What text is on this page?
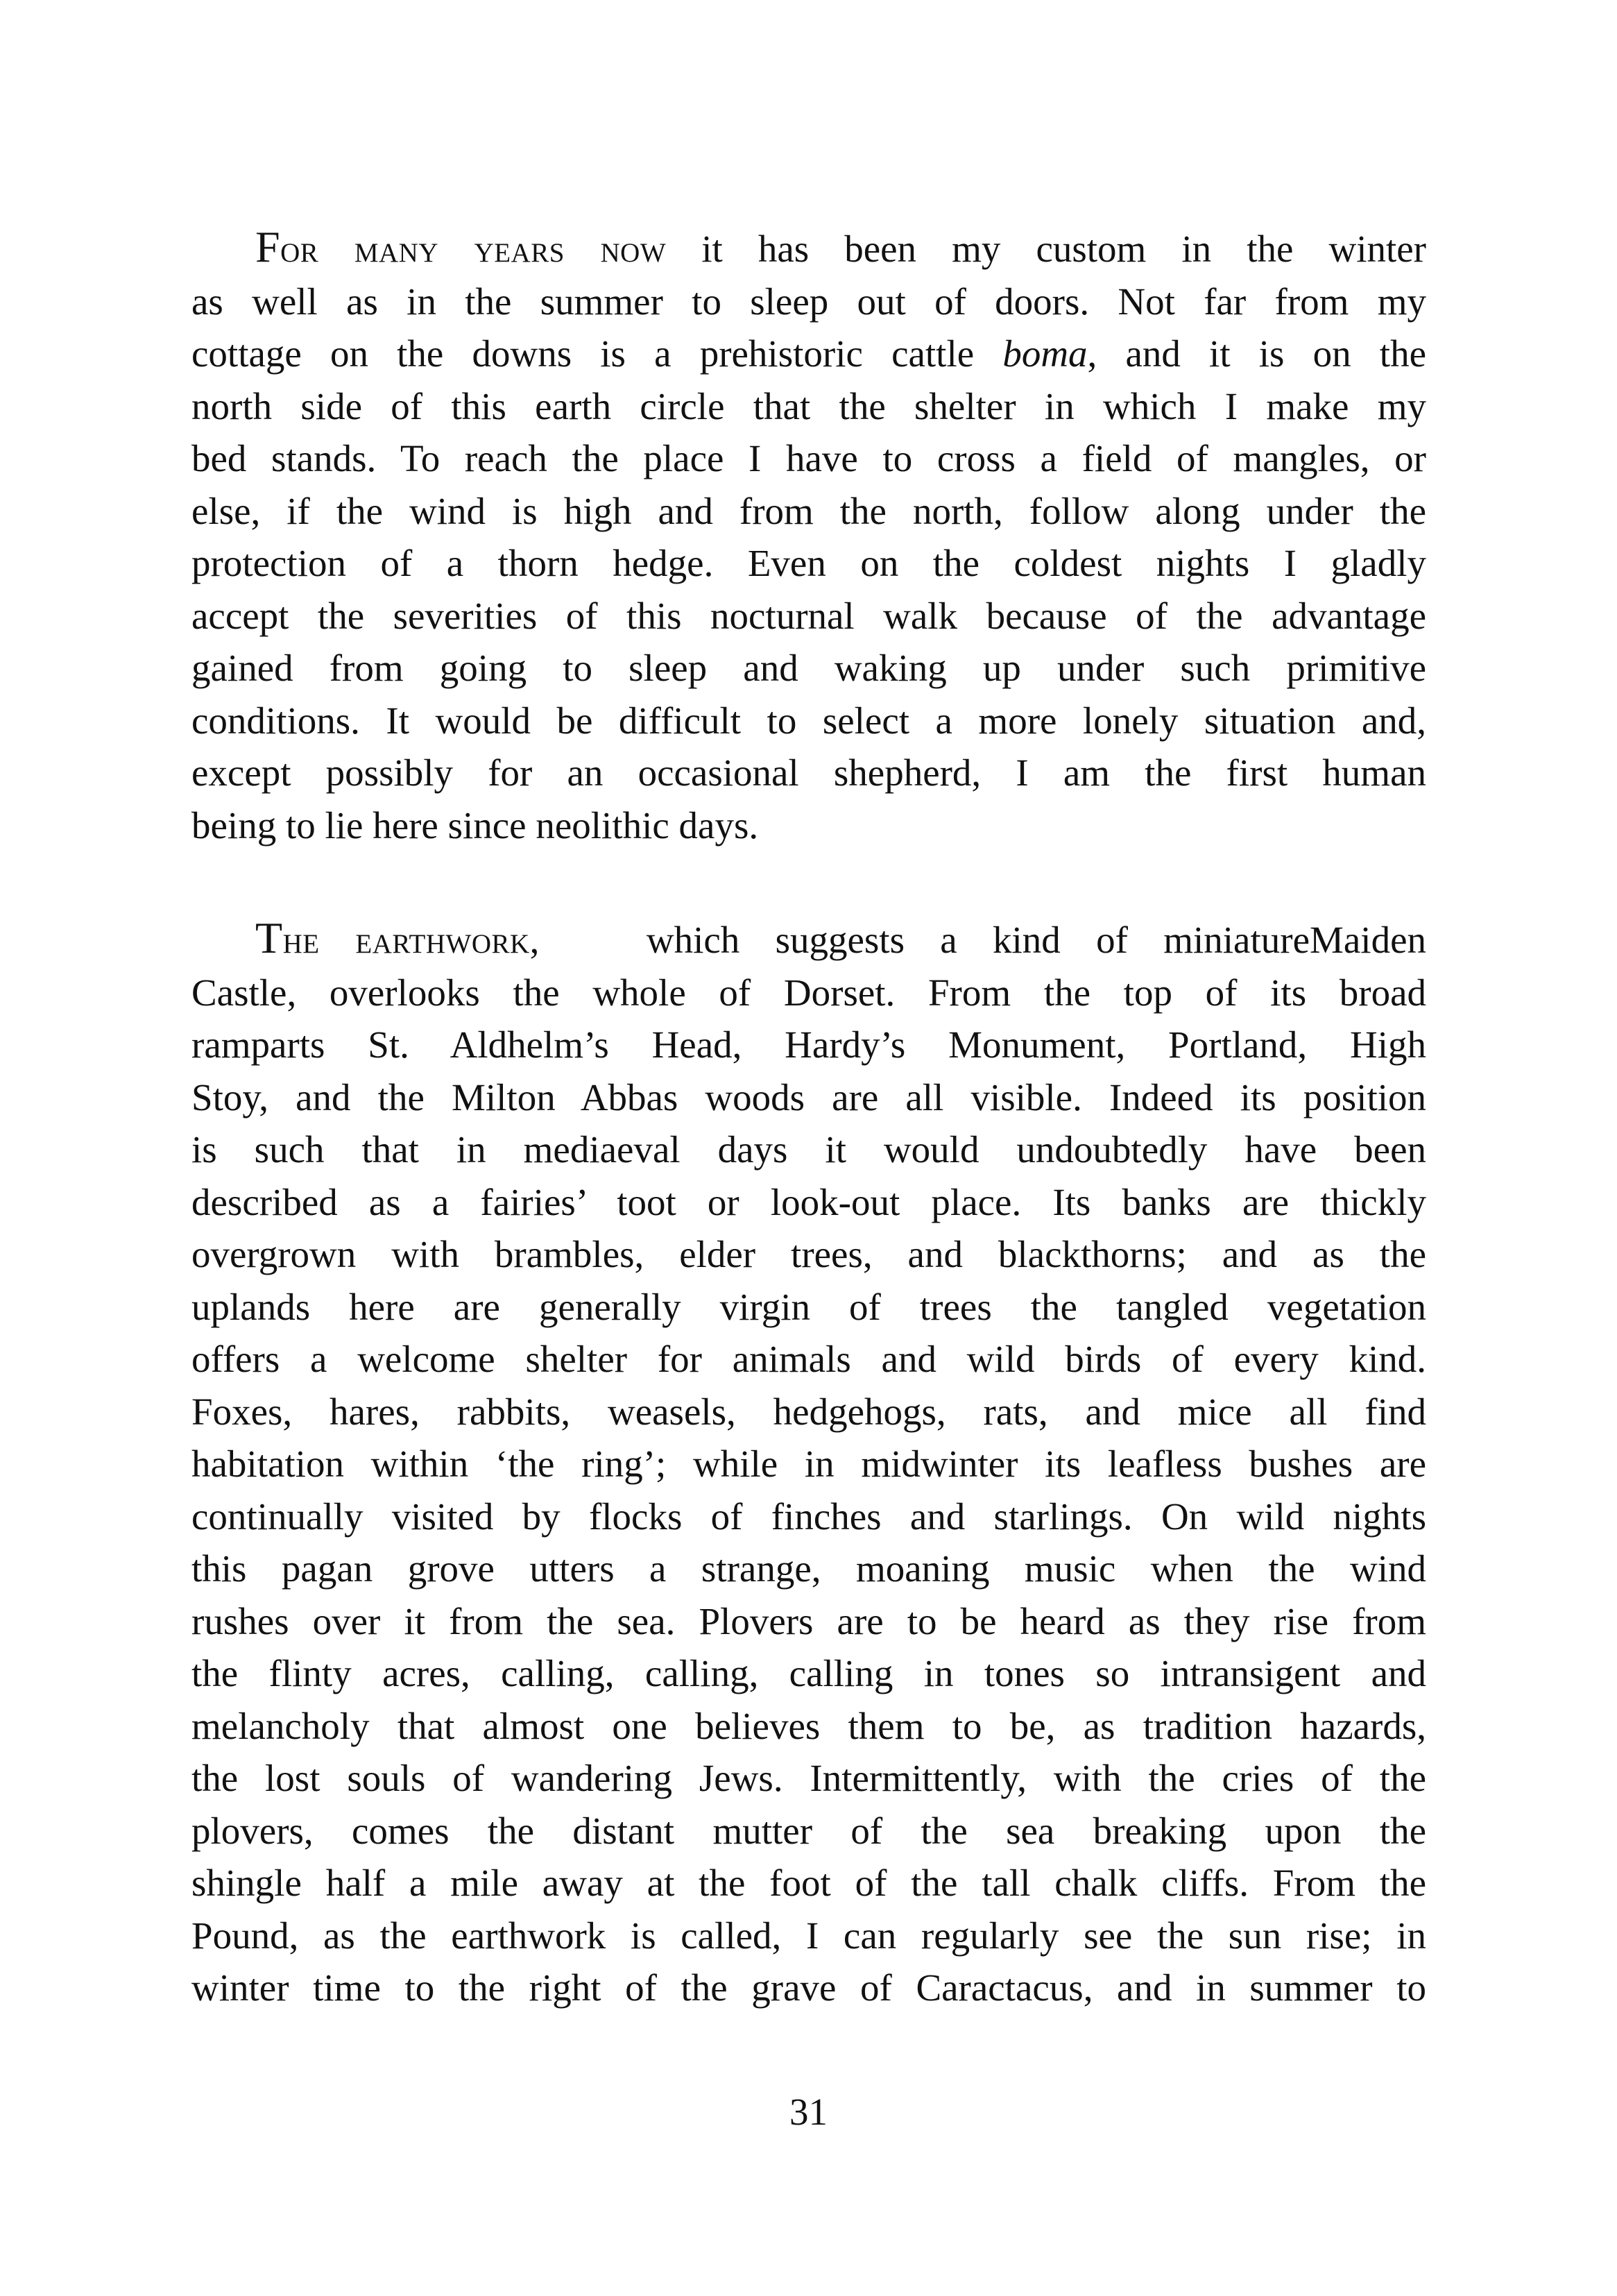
For many years now it has been my custom in the winter
as well as in the summer to sleep out of doors. Not far from my
cottage on the downs is a prehistoric cattle boma, and it is on the
north side of this earth circle that the shelter in which I make my
bed stands. To reach the place I have to cross a field of mangles, or
else, if the wind is high and from the north, follow along under the
protection of a thorn hedge. Even on the coldest nights I gladly
accept the severities of this nocturnal walk because of the advantage
gained from going to sleep and waking up under such primitive
conditions. It would be difficult to select a more lonely situation and,
except possibly for an occasional shepherd, I am the first human
being to lie here since neolithic days.

The earthwork,   which suggests a kind of miniatureMaiden
Castle, overlooks the whole of Dorset. From the top of its broad
ramparts St. Aldhelm’s Head, Hardy’s Monument, Portland, High
Stoy, and the Milton Abbas woods are all visible. Indeed its position
is such that in mediaeval days it would undoubtedly have been
described as a fairies’ toot or look-out place. Its banks are thickly
overgrown with brambles, elder trees, and blackthorns; and as the
uplands here are generally virgin of trees the tangled vegetation
offers a welcome shelter for animals and wild birds of every kind.
Foxes, hares, rabbits, weasels, hedgehogs, rats, and mice all find
habitation within ‘the ring’; while in midwinter its leafless bushes are
continually visited by flocks of finches and starlings. On wild nights
this pagan grove utters a strange, moaning music when the wind
rushes over it from the sea. Plovers are to be heard as they rise from
the flinty acres, calling, calling, calling in tones so intransigent and
melancholy that almost one believes them to be, as tradition hazards,
the lost souls of wandering Jews. Intermittently, with the cries of the
plovers, comes the distant mutter of the sea breaking upon the
shingle half a mile away at the foot of the tall chalk cliffs. From the
Pound, as the earthwork is called, I can regularly see the sun rise; in
winter time to the right of the grave of Caractacus, and in summer to

31
